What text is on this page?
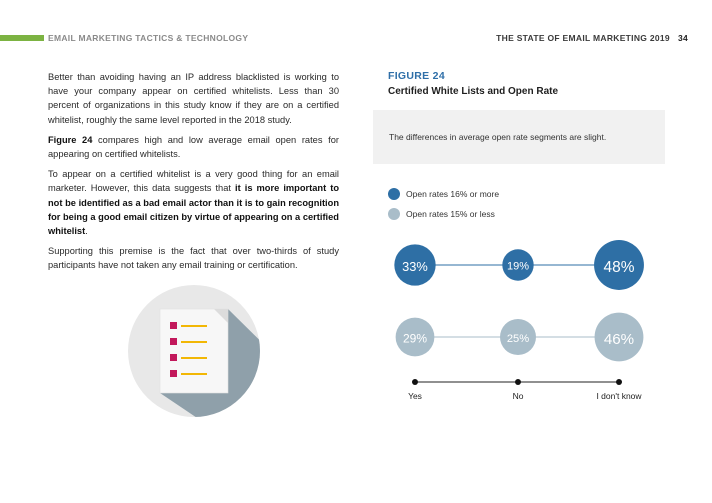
EMAIL MARKETING TACTICS & TECHNOLOGY	THE STATE OF EMAIL MARKETING 2019 34

Better than avoiding having an IP address blacklisted is working to have your company appear on certified whitelists. Less than 30 percent of organizations in this study know if they are on a certified whitelist, roughly the same level reported in the 2018 study.

Figure 24 compares high and low average email open rates for appearing on certified whitelists.

To appear on a certified whitelist is a very good thing for an email marketer. However, this data suggests that it is more important to not be identified as a bad email actor than it is to gain recognition for being a good email citizen by virtue of appearing on a certified whitelist.

Supporting this premise is the fact that over two-thirds of study participants have not taken any email training or certification.

FIGURE 24
Certified White Lists and Open Rate
The differences in average open rate segments are slight.
Open rates 16% or more
Open rates 15% or less
33%	19%	48%
29%	25%	46%
Yes	No	I don't know
